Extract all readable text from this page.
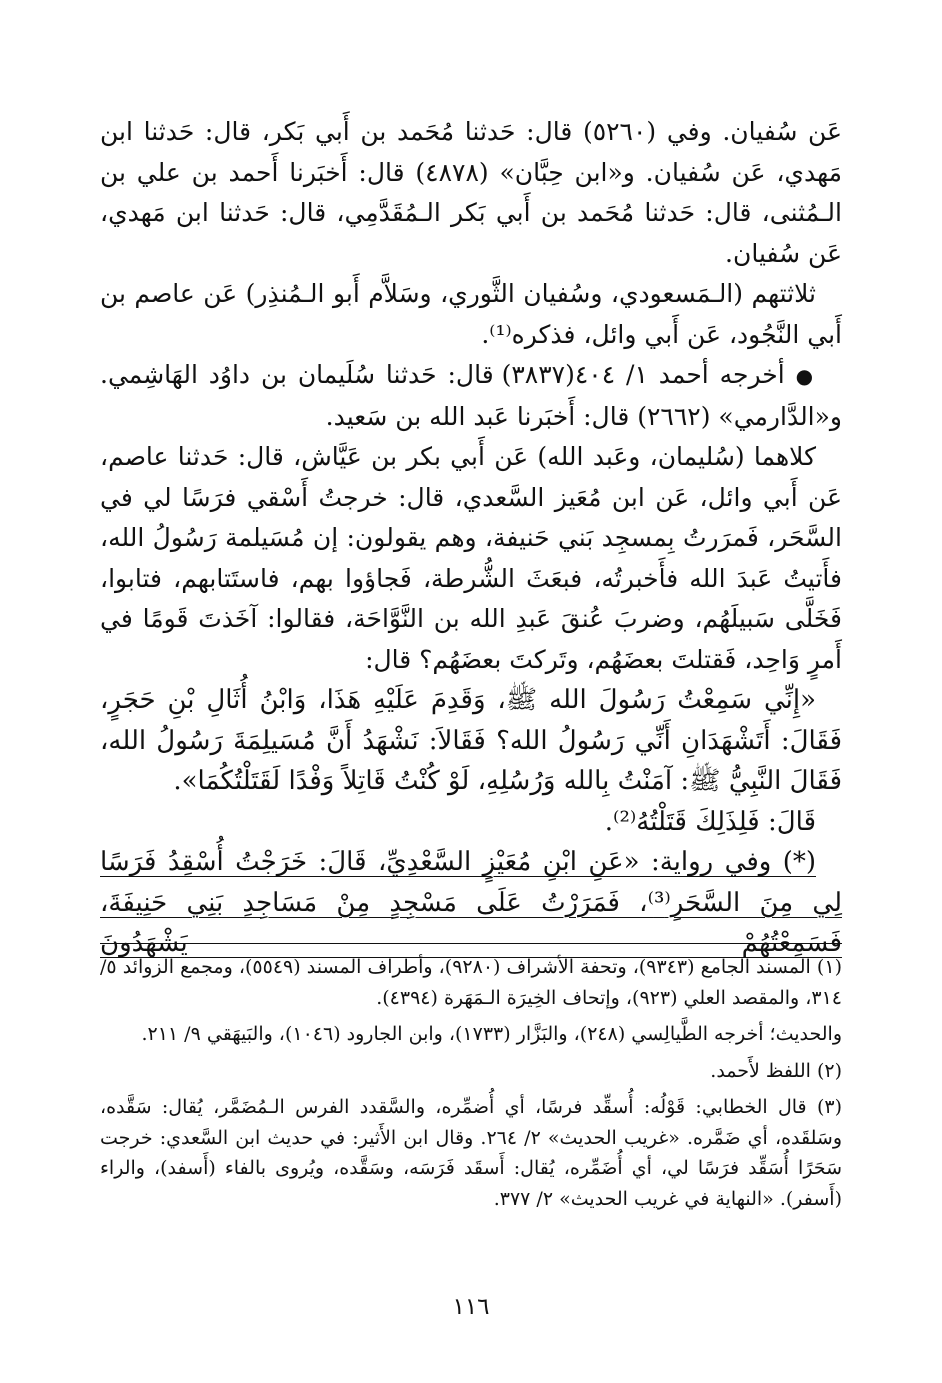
عَن سُفيان. وفي (٥٢٦٠) قال: حَدثنا مُحَمد بن أَبي بَكر، قال: حَدثنا ابن مَهدي، عَن سُفيان. و«ابن حِبَّان» (٤٨٧٨) قال: أَخبَرنا أَحمد بن علي بن الـمُثنى، قال: حَدثنا مُحَمد بن أَبي بَكر الـمُقَدَّمِي، قال: حَدثنا ابن مَهدي، عَن سُفيان.

ثلاثتهم (الـمَسعودي، وسُفيان الثَّوري، وسَلاَّم أَبو الـمُنذِر) عَن عاصم بن أَبي النَّجُود، عَن أَبي وائل، فذكره⁽¹⁾.

● أخرجه أحمد ١/ ٤٠٤(٣٨٣٧) قال: حَدثنا سُلَيمان بن داوُد الهَاشِمي. و«الدَّارمي» (٢٦٦٢) قال: أَخبَرنا عَبد الله بن سَعيد.

كلاهما (سُليمان، وعَبد الله) عَن أَبي بكر بن عَيَّاش، قال: حَدثنا عاصم، عَن أَبي وائل، عَن ابن مُعَيز السَّعدي، قال: خرجتُ أَسْقي فرَسًا لي في السَّحَر، فَمرَرتُ بِمسجِد بَني حَنيفة، وهم يقولون: إن مُسَيلمة رَسُولُ الله، فأَتيتُ عَبدَ الله فأَخبرتُه، فبعَثَ الشُّرطة، فَجاؤوا بهم، فاستَتابهم، فتابوا، فَخَلَّى سَبيلَهُم، وضربَ عُنقَ عَبدِ الله بن النَّوَّاحَة، فقالوا: آخَذتَ قَومًا في أَمرٍ وَاحِد، فَقتلتَ بعضَهُم، وتَركتَ بعضَهُم؟ قال:

«إِنِّي سَمِعْتُ رَسُولَ الله ﷺ، وَقَدِمَ عَلَيْهِ هَذَا، وَابْنُ أُثَالِ بْنِ حَجَرٍ، فَقَالَ: أَتَشْهَدَانِ أَنِّي رَسُولُ الله؟ فَقَالاَ: نَشْهَدُ أَنَّ مُسَيلِمَةَ رَسُولُ الله، فَقَالَ النَّبِيُّ ﷺ: آمَنْتُ بِالله وَرُسُلِهِ، لَوْ كُنْتُ قَاتِلاً وَفْدًا لَقَتَلْتُكُمَا».

قَالَ: فَلِذَلِكَ قَتَلْتُهُ⁽²⁾.

(*) وفي رواية: «عَنِ ابْنِ مُعَيْزٍ السَّعْدِيِّ، قَالَ: خَرَجْتُ أُسْقِدُ فَرَسًا لِي مِنَ السَّحَرِ⁽³⁾، فَمَرَرْتُ عَلَى مَسْجِدٍ مِنْ مَسَاجِدِ بَنِي حَنِيفَةَ، فَسَمِعْتُهُمْ يَشْهَدُونَ

(١) المسند الجامع (٩٣٤٣)، وتحفة الأشراف (٩٢٨٠)، وأطراف المسند (٥٥٤٩)، ومجمع الزوائد ٥/ ٣١٤، والمقصد العلي (٩٢٣)، وإتحاف الخِيرَة الـمَهَرة (٤٣٩٤).

والحديث؛ أخرجه الطَّيالِسي (٢٤٨)، والبَزَّار (١٧٣٣)، وابن الجارود (١٠٤٦)، والبَيهَقي ٩/ ٢١١.

(٢) اللفظ لأَحمد.

(٣) قال الخطابي: قَوْلُه: أُسقِّد فرسًا، أي أُضمِّره، والسَّقدد الفرس الـمُضَمَّر، يُقال: سَقَّده، وسَلقَده، أي ضَمَّره. «غريب الحديث» ٢/ ٢٦٤. وقال ابن الأَثير: في حديث ابن السَّعدي: خرجت سَحَرًا أُسَقِّد فرَسًا لي، أي أُضَمِّره، يُقال: أَسقَد فَرَسَه، وسَقَّده، ويُروى بالفاء (أَسفد)، والراء (أَسفر). «النهاية في غريب الحديث» ٢/ ٣٧٧.

١١٦
